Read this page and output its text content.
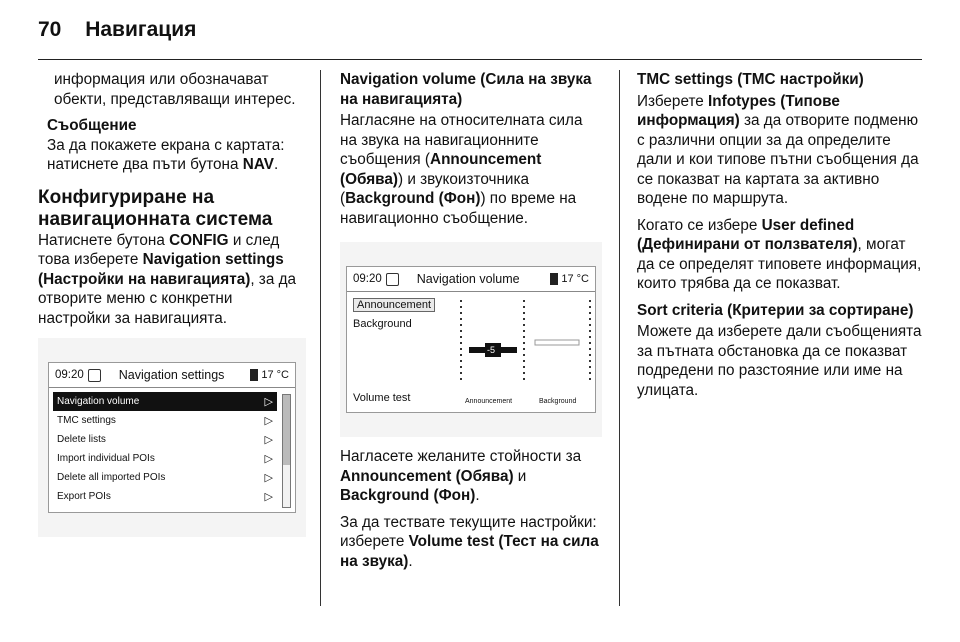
70 Навигация

информация или обозначават обекти, представляващи интерес.

Съобщение

За да покажете екрана с картата: натиснете два пъти бутона NAV.

Конфигуриране на навигационната система

Натиснете бутона CONFIG и след това изберете Navigation settings (Настройки на навигацията), за да отворите меню с конкретни настройки за навигацията.

09:20	Navigation settings	17 °C
Navigation volume	▷
TMC settings	▷
Delete lists	▷
Import individual POIs	▷
Delete all imported POIs	▷
Export POIs	▷

Navigation volume (Сила на звука на навигацията)

Нагласяне на относителната сила на звука на навигационните съобщения (Announcement (Обява)) и звукоизточника (Background (Фон)) по време на навигационно съобщение.

09:20	Navigation volume	17 °C
Announcement
Background
Volume test
-5
Announcement	Background

Нагласете желаните стойности за Announcement (Обява) и Background (Фон).

За да тествате текущите настройки: изберете Volume test (Тест на сила на звука).

TMC settings (TMC настройки)

Изберете Infotypes (Типове информация) за да отворите подменю с различни опции за да определите дали и кои типове пътни съобщения да се показват на картата за активно водене по маршрута.

Когато се избере User defined (Дефинирани от ползвателя), могат да се определят типовете информация, които трябва да се показват.

Sort criteria (Критерии за сортиране)

Можете да изберете дали съобщенията за пътната обстановка да се показват подредени по разстояние или име на улицата.
